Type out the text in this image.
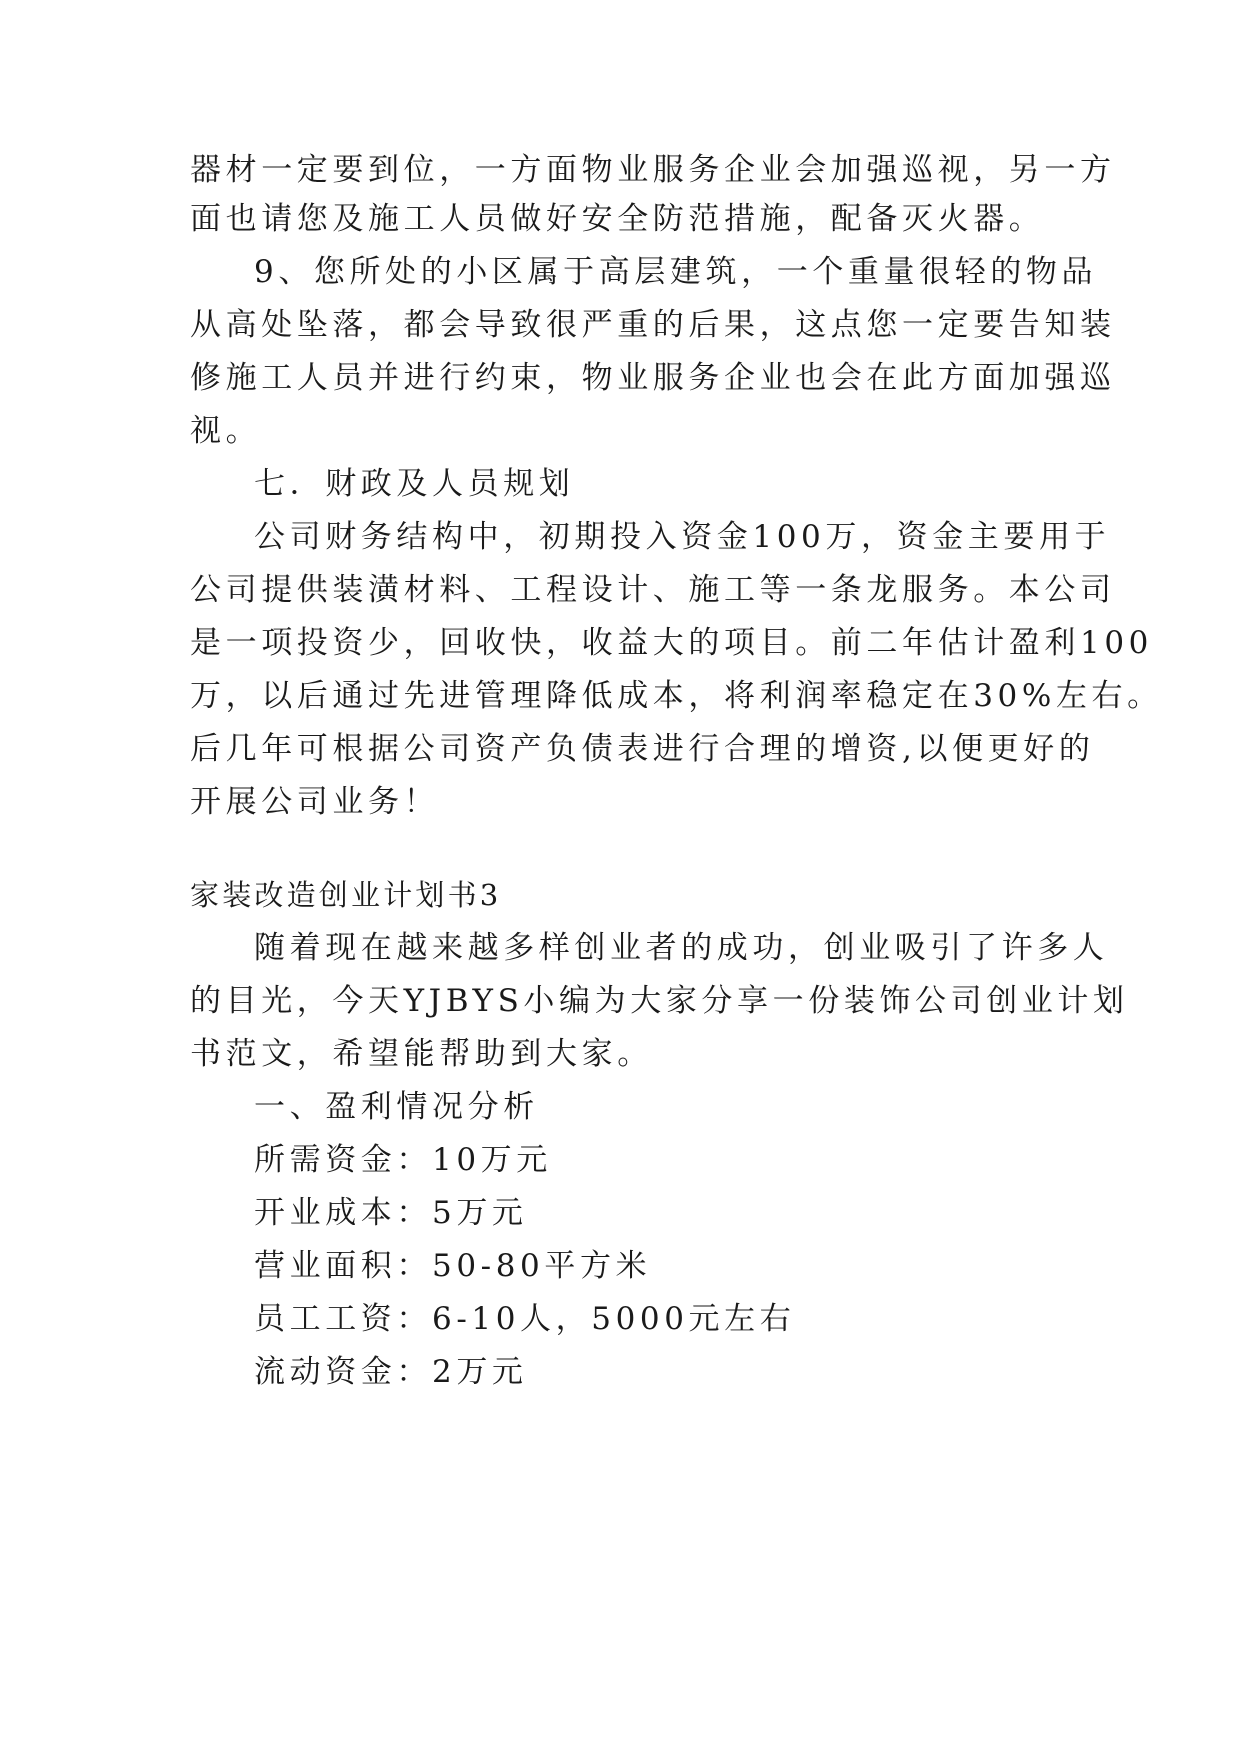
器材一定要到位，一方面物业服务企业会加强巡视，另一方
面也请您及施工人员做好安全防范措施，配备灭火器。
9、您所处的小区属于高层建筑，一个重量很轻的物品
从高处坠落，都会导致很严重的后果，这点您一定要告知装
修施工人员并进行约束，物业服务企业也会在此方面加强巡
视。
七．财政及人员规划
公司财务结构中，初期投入资金100万，资金主要用于
公司提供装潢材料、工程设计、施工等一条龙服务。本公司
是一项投资少，回收快，收益大的项目。前二年估计盈利100
万，以后通过先进管理降低成本，将利润率稳定在30%左右。
后几年可根据公司资产负债表进行合理的增资,以便更好的
开展公司业务！
家装改造创业计划书3
随着现在越来越多样创业者的成功，创业吸引了许多人
的目光，今天YJBYS小编为大家分享一份装饰公司创业计划
书范文，希望能帮助到大家。
一、盈利情况分析
所需资金：10万元
开业成本：5万元
营业面积：50-80平方米
员工工资：6-10人，5000元左右
流动资金：2万元
